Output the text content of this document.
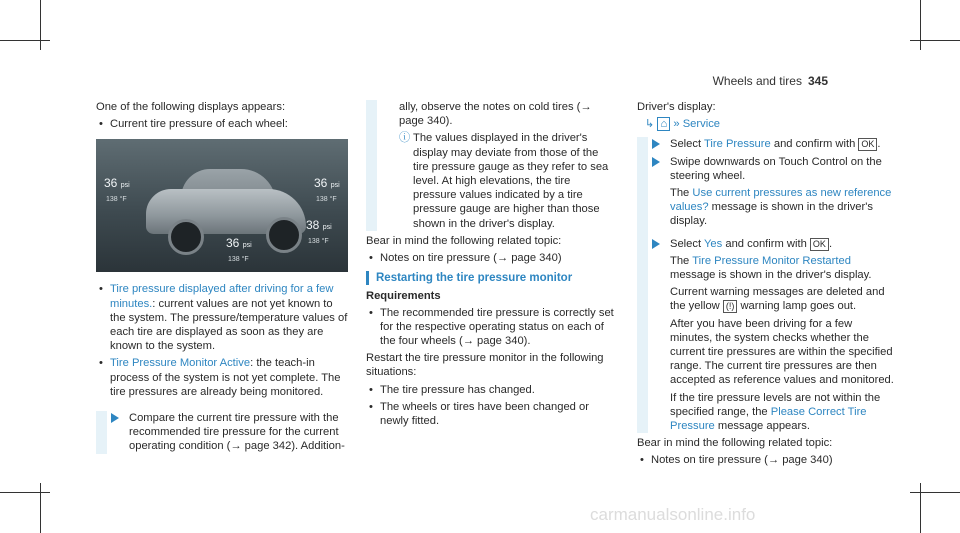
Wheels and tires 345

One of the following displays appears:

• Current tire pressure of each wheel:
36 psi
138 °F
36 psi
138 °F
38 psi
138 °F
36 psi
138 °F
• Tire pressure displayed after driving for a few minutes.: current values are not yet known to the system. The pressure/temperature values of each tire are displayed as soon as they are known to the system.
• Tire Pressure Monitor Active: the teach-in process of the system is not yet complete. The tire pressures are already being monitored.
Compare the current tire pressure with the recommended tire pressure for the current operating condition (→ page 342). Addition-

ally, observe the notes on cold tires (→ page 340).

ⓘ The values displayed in the driver's display may deviate from those of the tire pressure gauge as they refer to sea level. At high elevations, the tire pressure values indicated by a tire pressure gauge are higher than those shown in the driver's display.

Bear in mind the following related topic:

• Notes on tire pressure (→ page 340)
Restarting the tire pressure monitor
Requirements
• The recommended tire pressure is correctly set for the respective operating status on each of the four wheels (→ page 340).

Restart the tire pressure monitor in the following situations:

• The tire pressure has changed.
• The wheels or tires have been changed or newly fitted.

Driver's display:

↳ ⌂ » Service

Select Tire Pressure and confirm with OK .

Swipe downwards on Touch Control on the steering wheel.

The Use current pressures as new reference values? message is shown in the driver's display.

Select Yes and confirm with OK .

The Tire Pressure Monitor Restarted message is shown in the driver's display.

Current warning messages are deleted and the yellow (!) warning lamp goes out.

After you have been driving for a few minutes, the system checks whether the current tire pressures are within the specified range. The current tire pressures are then accepted as reference values and monitored.

If the tire pressure levels are not within the specified range, the Please Correct Tire Pressure message appears.

Bear in mind the following related topic:

• Notes on tire pressure (→ page 340)
carmanualsonline.info
